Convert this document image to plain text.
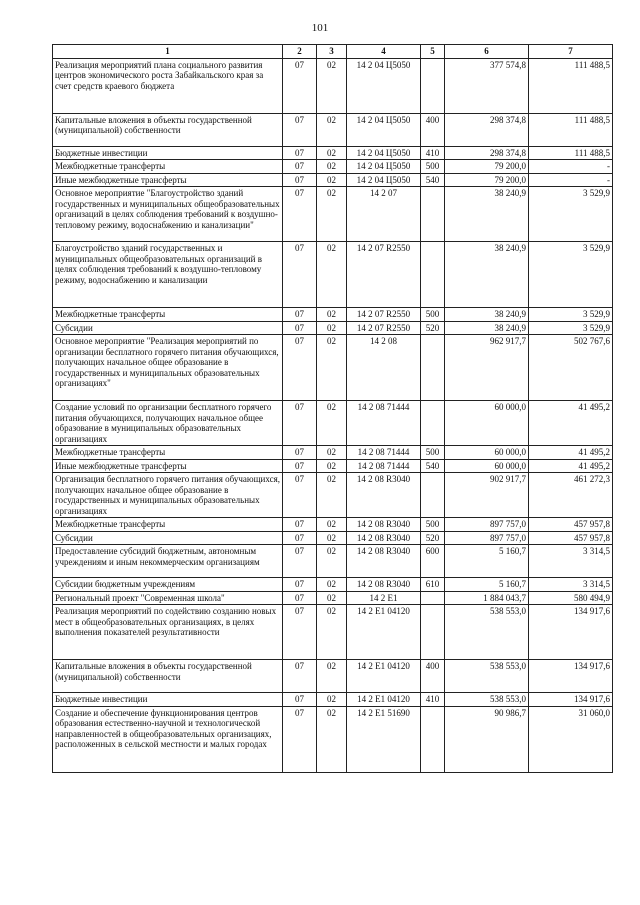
101
1	2	3	4	5	6	7
Реализация мероприятий плана социального развития центров экономического роста Забайкальского края за счет средств краевого бюджета	07	02	14 2 04 Ц5050		377 574,8	111 488,5
Капитальные вложения в объекты государственной (муниципальной) собственности	07	02	14 2 04 Ц5050	400	298 374,8	111 488,5
Бюджетные инвестиции	07	02	14 2 04 Ц5050	410	298 374,8	111 488,5
Межбюджетные трансферты	07	02	14 2 04 Ц5050	500	79 200,0	-
Иные межбюджетные трансферты	07	02	14 2 04 Ц5050	540	79 200,0	-
Основное мероприятие "Благоустройство зданий государственных и муниципальных общеобразовательных организаций в целях соблюдения требований к воздушно-тепловому режиму, водоснабжению и канализации"	07	02	14 2 07		38 240,9	3 529,9
Благоустройство зданий государственных и муниципальных общеобразовательных организаций в целях соблюдения требований к воздушно-тепловому режиму, водоснабжению и канализации	07	02	14 2 07 R2550		38 240,9	3 529,9
Межбюджетные трансферты	07	02	14 2 07 R2550	500	38 240,9	3 529,9
Субсидии	07	02	14 2 07 R2550	520	38 240,9	3 529,9
Основное мероприятие "Реализация мероприятий по организации бесплатного горячего питания обучающихся, получающих начальное общее образование в государственных и муниципальных образовательных организациях"	07	02	14 2 08		962 917,7	502 767,6
Создание условий по организации бесплатного горячего питания обучающихся, получающих начальное общее образование в муниципальных образовательных организациях	07	02	14 2 08 71444		60 000,0	41 495,2
Межбюджетные трансферты	07	02	14 2 08 71444	500	60 000,0	41 495,2
Иные межбюджетные трансферты	07	02	14 2 08 71444	540	60 000,0	41 495,2
Организация бесплатного горячего питания обучающихся, получающих начальное общее образование в государственных и муниципальных образовательных организациях	07	02	14 2 08 R3040		902 917,7	461 272,3
Межбюджетные трансферты	07	02	14 2 08 R3040	500	897 757,0	457 957,8
Субсидии	07	02	14 2 08 R3040	520	897 757,0	457 957,8
Предоставление субсидий бюджетным, автономным учреждениям и иным некоммерческим организациям	07	02	14 2 08 R3040	600	5 160,7	3 314,5
Субсидии бюджетным учреждениям	07	02	14 2 08 R3040	610	5 160,7	3 314,5
Региональный проект "Современная школа"	07	02	14 2 E1		1 884 043,7	580 494,9
Реализация мероприятий по содействию созданию новых мест в общеобразовательных организациях, в целях выполнения показателей результативности	07	02	14 2 E1 04120		538 553,0	134 917,6
Капитальные вложения в объекты государственной (муниципальной) собственности	07	02	14 2 E1 04120	400	538 553,0	134 917,6
Бюджетные инвестиции	07	02	14 2 E1 04120	410	538 553,0	134 917,6
Создание и обеспечение функционирования центров образования естественно-научной и технологической направленностей в общеобразовательных организациях, расположенных в сельской местности и малых городах	07	02	14 2 E1 51690		90 986,7	31 060,0
